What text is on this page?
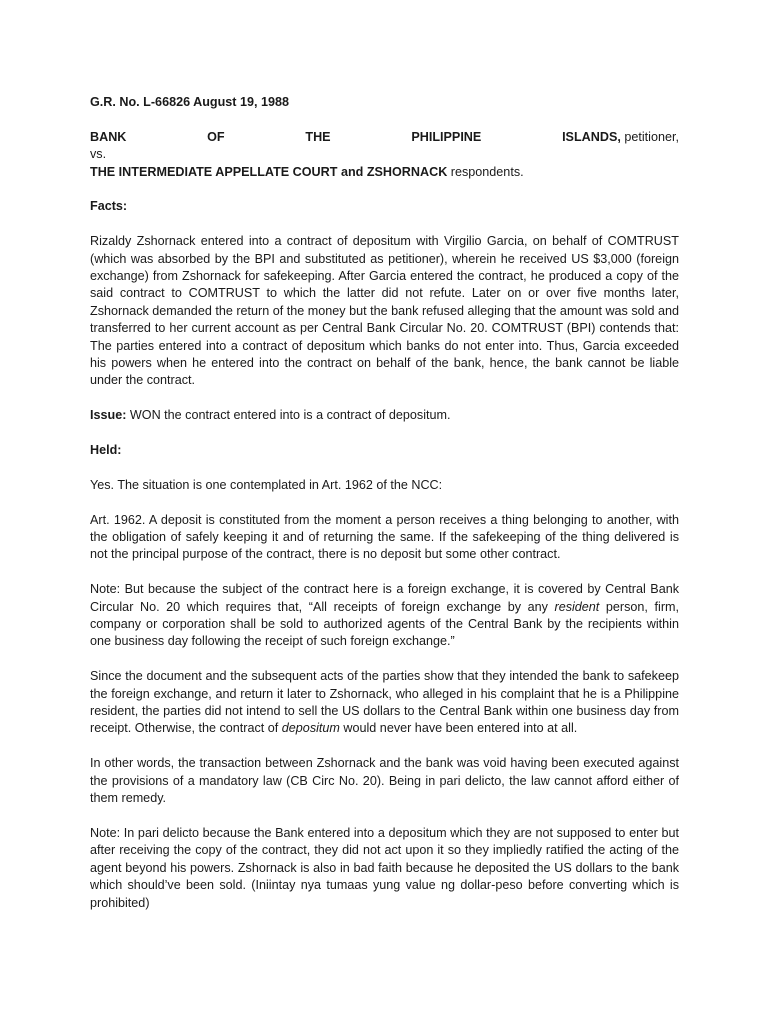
G.R. No. L-66826 August 19, 1988

BANK	OF	THE	PHILIPPINE	ISLANDS, petitioner,

vs.

THE INTERMEDIATE APPELLATE COURT and ZSHORNACK respondents.

Facts:

Rizaldy Zshornack entered into a contract of depositum with Virgilio Garcia, on behalf of COMTRUST (which was absorbed by the BPI and substituted as petitioner), wherein he received US $3,000 (foreign exchange) from Zshornack for safekeeping. After Garcia entered the contract, he produced a copy of the said contract to COMTRUST to which the latter did not refute. Later on or over five months later, Zshornack demanded the return of the money but the bank refused alleging that the amount was sold and transferred to her current account as per Central Bank Circular No. 20. COMTRUST (BPI) contends that: The parties entered into a contract of depositum which banks do not enter into. Thus, Garcia exceeded his powers when he entered into the contract on behalf of the bank, hence, the bank cannot be liable under the contract.

Issue: WON the contract entered into is a contract of depositum.

Held:

Yes. The situation is one contemplated in Art. 1962 of the NCC:

Art. 1962. A deposit is constituted from the moment a person receives a thing belonging to another, with the obligation of safely keeping it and of returning the same. If the safekeeping of the thing delivered is not the principal purpose of the contract, there is no deposit but some other contract.

Note: But because the subject of the contract here is a foreign exchange, it is covered by Central Bank Circular No. 20 which requires that, “All receipts of foreign exchange by any resident person, firm, company or corporation shall be sold to authorized agents of the Central Bank by the recipients within one business day following the receipt of such foreign exchange.”

Since the document and the subsequent acts of the parties show that they intended the bank to safekeep the foreign exchange, and return it later to Zshornack, who alleged in his complaint that he is a Philippine resident, the parties did not intend to sell the US dollars to the Central Bank within one business day from receipt. Otherwise, the contract of depositum would never have been entered into at all.

In other words, the transaction between Zshornack and the bank was void having been executed against the provisions of a mandatory law (CB Circ No. 20). Being in pari delicto, the law cannot afford either of them remedy.

Note: In pari delicto because the Bank entered into a depositum which they are not supposed to enter but after receiving the copy of the contract, they did not act upon it so they impliedly ratified the acting of the agent beyond his powers. Zshornack is also in bad faith because he deposited the US dollars to the bank which should’ve been sold. (Iniintay nya tumaas yung value ng dollar-peso before converting which is prohibited)
